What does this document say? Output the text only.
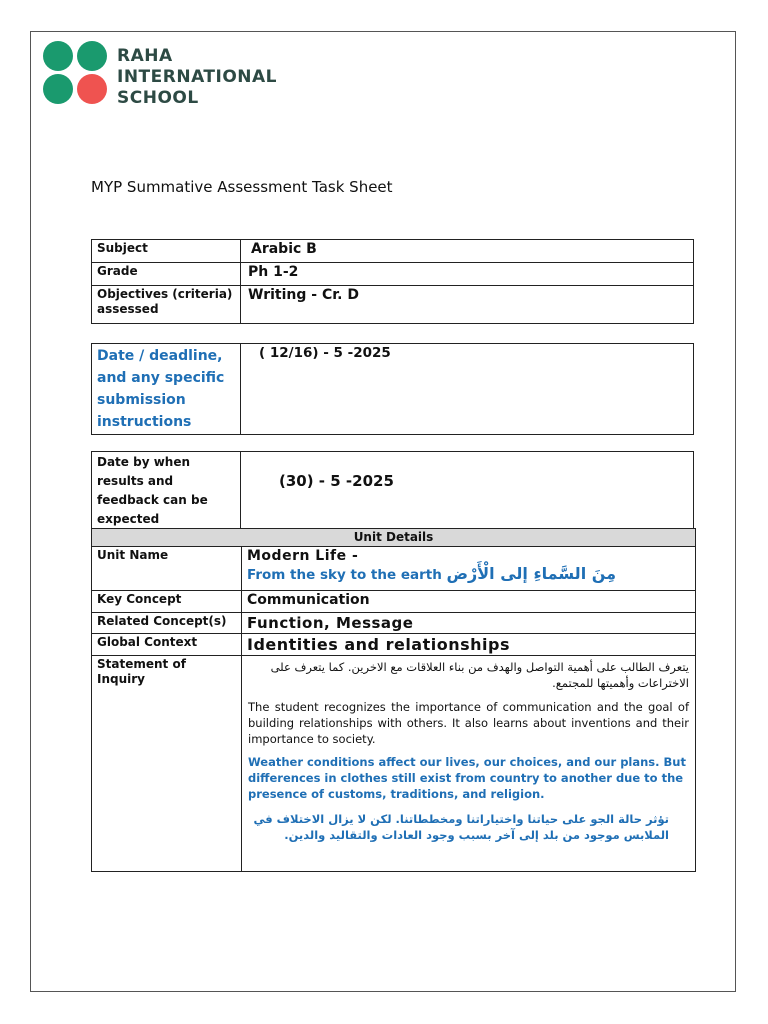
RAHA
INTERNATIONAL
SCHOOL
MYP Summative Assessment Task Sheet
Subject	Arabic B
Grade	Ph 1-2
Objectives (criteria) assessed	Writing - Cr. D
Date / deadline, and any specific submission instructions	( 12/16) - 5 -2025
Date by when results and feedback can be expected	(30) - 5 -2025
Unit Details	
Unit Name	Modern Life -
From the sky to the earth مِنَ السَّماءِ إلى الْأَرْض

Key Concept	Communication
Related Concept(s)	Function, Message
Global Context	Identities and relationships
Statement of Inquiry	يتعرف الطالب على أهمية التواصل والهدف من بناء العلاقات مع الاخرين. كما يتعرف على الاختراعات وأهميتها للمجتمع.
The student recognizes the importance of communication and the goal of building relationships with others. It also learns about inventions and their importance to society.
Weather conditions affect our lives, our choices, and our plans. But differences in clothes still exist from country to another due to the presence of customs, traditions, and religion.
تؤثر حالة الجو على حياتنا واختياراتنا ومخططاتنا. لكن لا يزال الاختلاف في الملابس موجود من بلد إلى آخر بسبب وجود العادات والتقاليد والدين.
